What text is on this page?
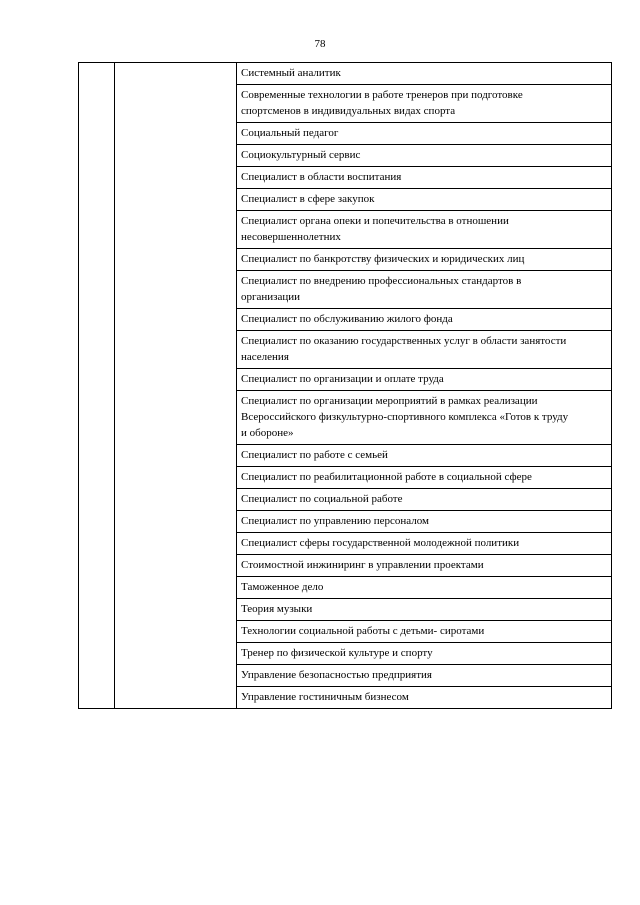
78

Системный аналитик

Современные технологии в работе тренеров при подготовке
спортсменов в индивидуальных видах спорта

Социальный педагог

Социокультурный сервис

Специалист в области воспитания

Специалист в сфере закупок

Специалист органа опеки и попечительства в отношении
несовершеннолетних

Специалист по банкротству физических и юридических лиц

Специалист по внедрению профессиональных стандартов в
организации

Специалист по обслуживанию жилого фонда

Специалист по оказанию государственных услуг в области занятости
населения

Специалист по организации и оплате труда

Специалист по организации мероприятий в рамках реализации
Всероссийского физкультурно-спортивного комплекса «Готов к труду
и обороне»

Специалист по работе с семьей

Специалист по реабилитационной работе в социальной сфере

Специалист по социальной работе

Специалист по управлению персоналом

Специалист сферы государственной молодежной политики

Стоимостной инжиниринг в управлении проектами

Таможенное дело

Теория музыки

Технологии социальной работы с детьми- сиротами

Тренер по физической культуре и спорту

Управление безопасностью предприятия

Управление гостиничным бизнесом
